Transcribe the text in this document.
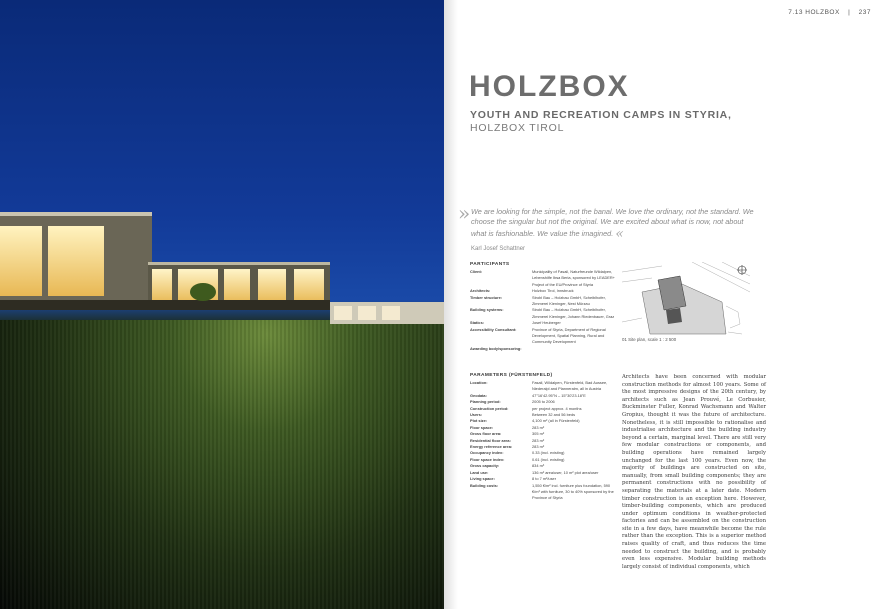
7.13 HOLZBOX | 237
HOLZBOX
YOUTH AND RECREATION CAMPS IN STYRIA,
HOLZBOX TIROL
» We are looking for the simple, not the banal. We love the ordinary, not the standard. We choose the singular but not the original. We are excited about what is now, not about what is fashionable. We value the imagined. «
Karl Josef Schattner
PARTICIPANTS
Client:	Municipality of Fasail, Naturfreunde Wildalpen, Lebenshilfe Ibsa Beria, sponsored by LEADER+ Project of the EU/Province of Styria
Architects:	Holzbox Tirol, Innsbruck
Timber structure:	Strobl Bau – Holzbau GmbH, Scheiblhofer, Zimmerei Kieninger, Nest Mürzau
Building systems:	Strobl Bau – Holzbau GmbH, Scheiblhofer, Zimmerei Kieninger, Johann Riedenbauer, Graz
Statics:	Josef Heuberger
Accessibility Consultant:	Province of Styria, Department of Regional Development, Spatial Planning, Rural and Community Development
Awarding body/sponsoring:
PARAMETERS (FÜRSTENFELD)
Location:	Fasail, Wildalpen, Fürstenfeld, Bad Aussee, Niederalpl and Planneralm, all in Austria
Geodata:	47°16'42.95"N – 15°30'23.18"E
Planning period:	2005 to 2006
Construction period:	per project approx. 4 months
Users:	Between 32 and 56 beds
Plot size:	4,100 m² (all in Fürstenfeld)
Floor space:	283 m²
Gross floor area:	305 m²
Residential floor area:	283 m²
Energy reference area:	283 m²
Occupancy index:	0.33 (incl. existing)
Floor space index:	0.61 (incl. existing)
Gross capacity:	834 m³
Land use:	136 m² area/user, 10 m² plot area/user
Living space:	8 to 7 m²/user
Building costs:	1,550 €/m² incl. furniture plus foundation, 590 €/m³ with furniture, 30 to 40% sponsored by the Province of Styria
01 Site plan, scale 1 : 2 500
Architects have been concerned with modular construction methods for almost 100 years. Some of the most impressive designs of the 20th century, by architects such as Jean Prouvé, Le Corbusier, Buckminster Fuller, Konrad Wachsmann and Walter Gropius, thought it was the future of architecture. Nonetheless, it is still impossible to rationalise and industrialise architecture and the building industry beyond a certain, marginal level. There are still very few modular constructions or components, and building operations have remained largely unchanged for the last 100 years. Even now, the majority of buildings are constructed on site, manually, from small building components; they are permanent constructions with no possibility of separating the materials at a later date. Modern timber construction is an exception here. However, timber-building components, which are produced under optimum conditions in weather-protected factories and can be assembled on the construction site in a few days, have meanwhile become the rule rather than the exception. This is a superior method raises quality of craft, and thus reduces the time needed to construct the building, and is probably even less expensive. Modular building methods largely consist of individual components, which
